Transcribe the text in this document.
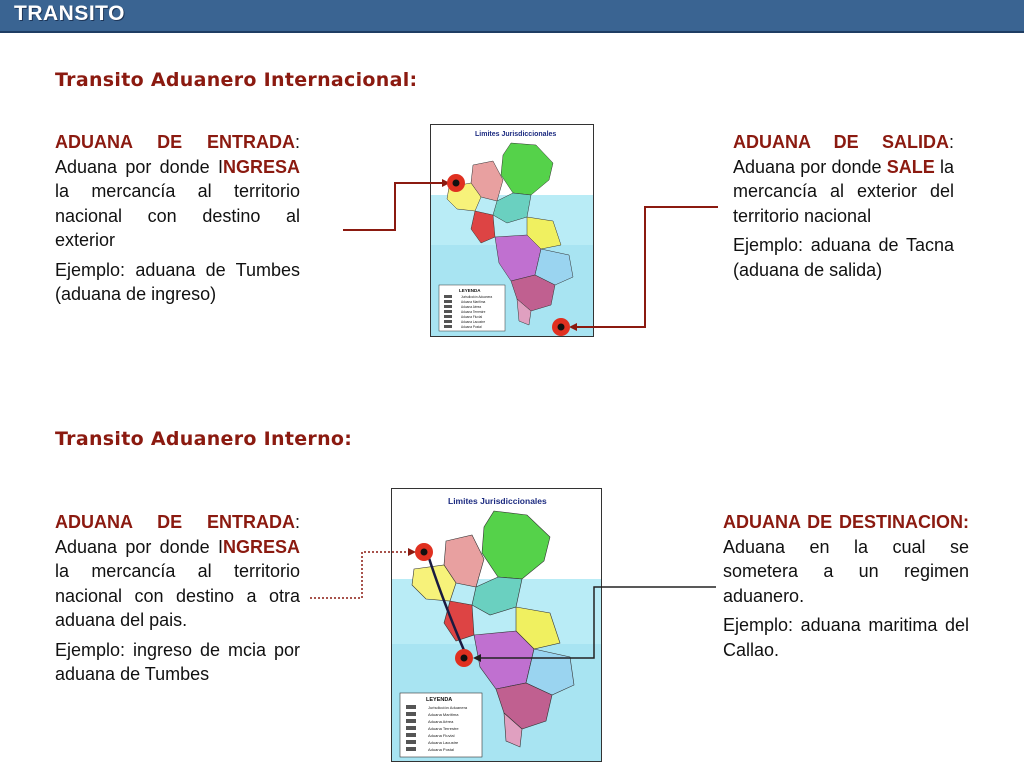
TRANSITO
Transito Aduanero Internacional:

ADUANA DE ENTRADA: Aduana por donde INGRESA la mercancía al territorio nacional con destino al exterior

Ejemplo: aduana de Tumbes (aduana de ingreso)

ADUANA DE SALIDA: Aduana por donde SALE la mercancía al exterior del territorio nacional

Ejemplo: aduana de Tacna (aduana de salida)

Limites Jurisdiccionales
LEYENDA
Jurisdicción Aduanera
Aduana Marítima
Aduana Aérea
Aduana Terrestre
Aduana Fluvial
Aduana Lacustre
Aduana Postal
Transito Aduanero Interno:

ADUANA DE ENTRADA: Aduana por donde INGRESA la mercancía al territorio nacional con destino a otra aduana del pais.

Ejemplo: ingreso de mcia por aduana de Tumbes

ADUANA DE DESTINACION: Aduana en la cual se sometera a un regimen aduanero.

Ejemplo: aduana maritima del Callao.

Limites Jurisdiccionales
LEYENDA
Jurisdicción Aduanera
Aduana Marítima
Aduana Aérea
Aduana Terrestre
Aduana Fluvial
Aduana Lacustre
Aduana Postal
